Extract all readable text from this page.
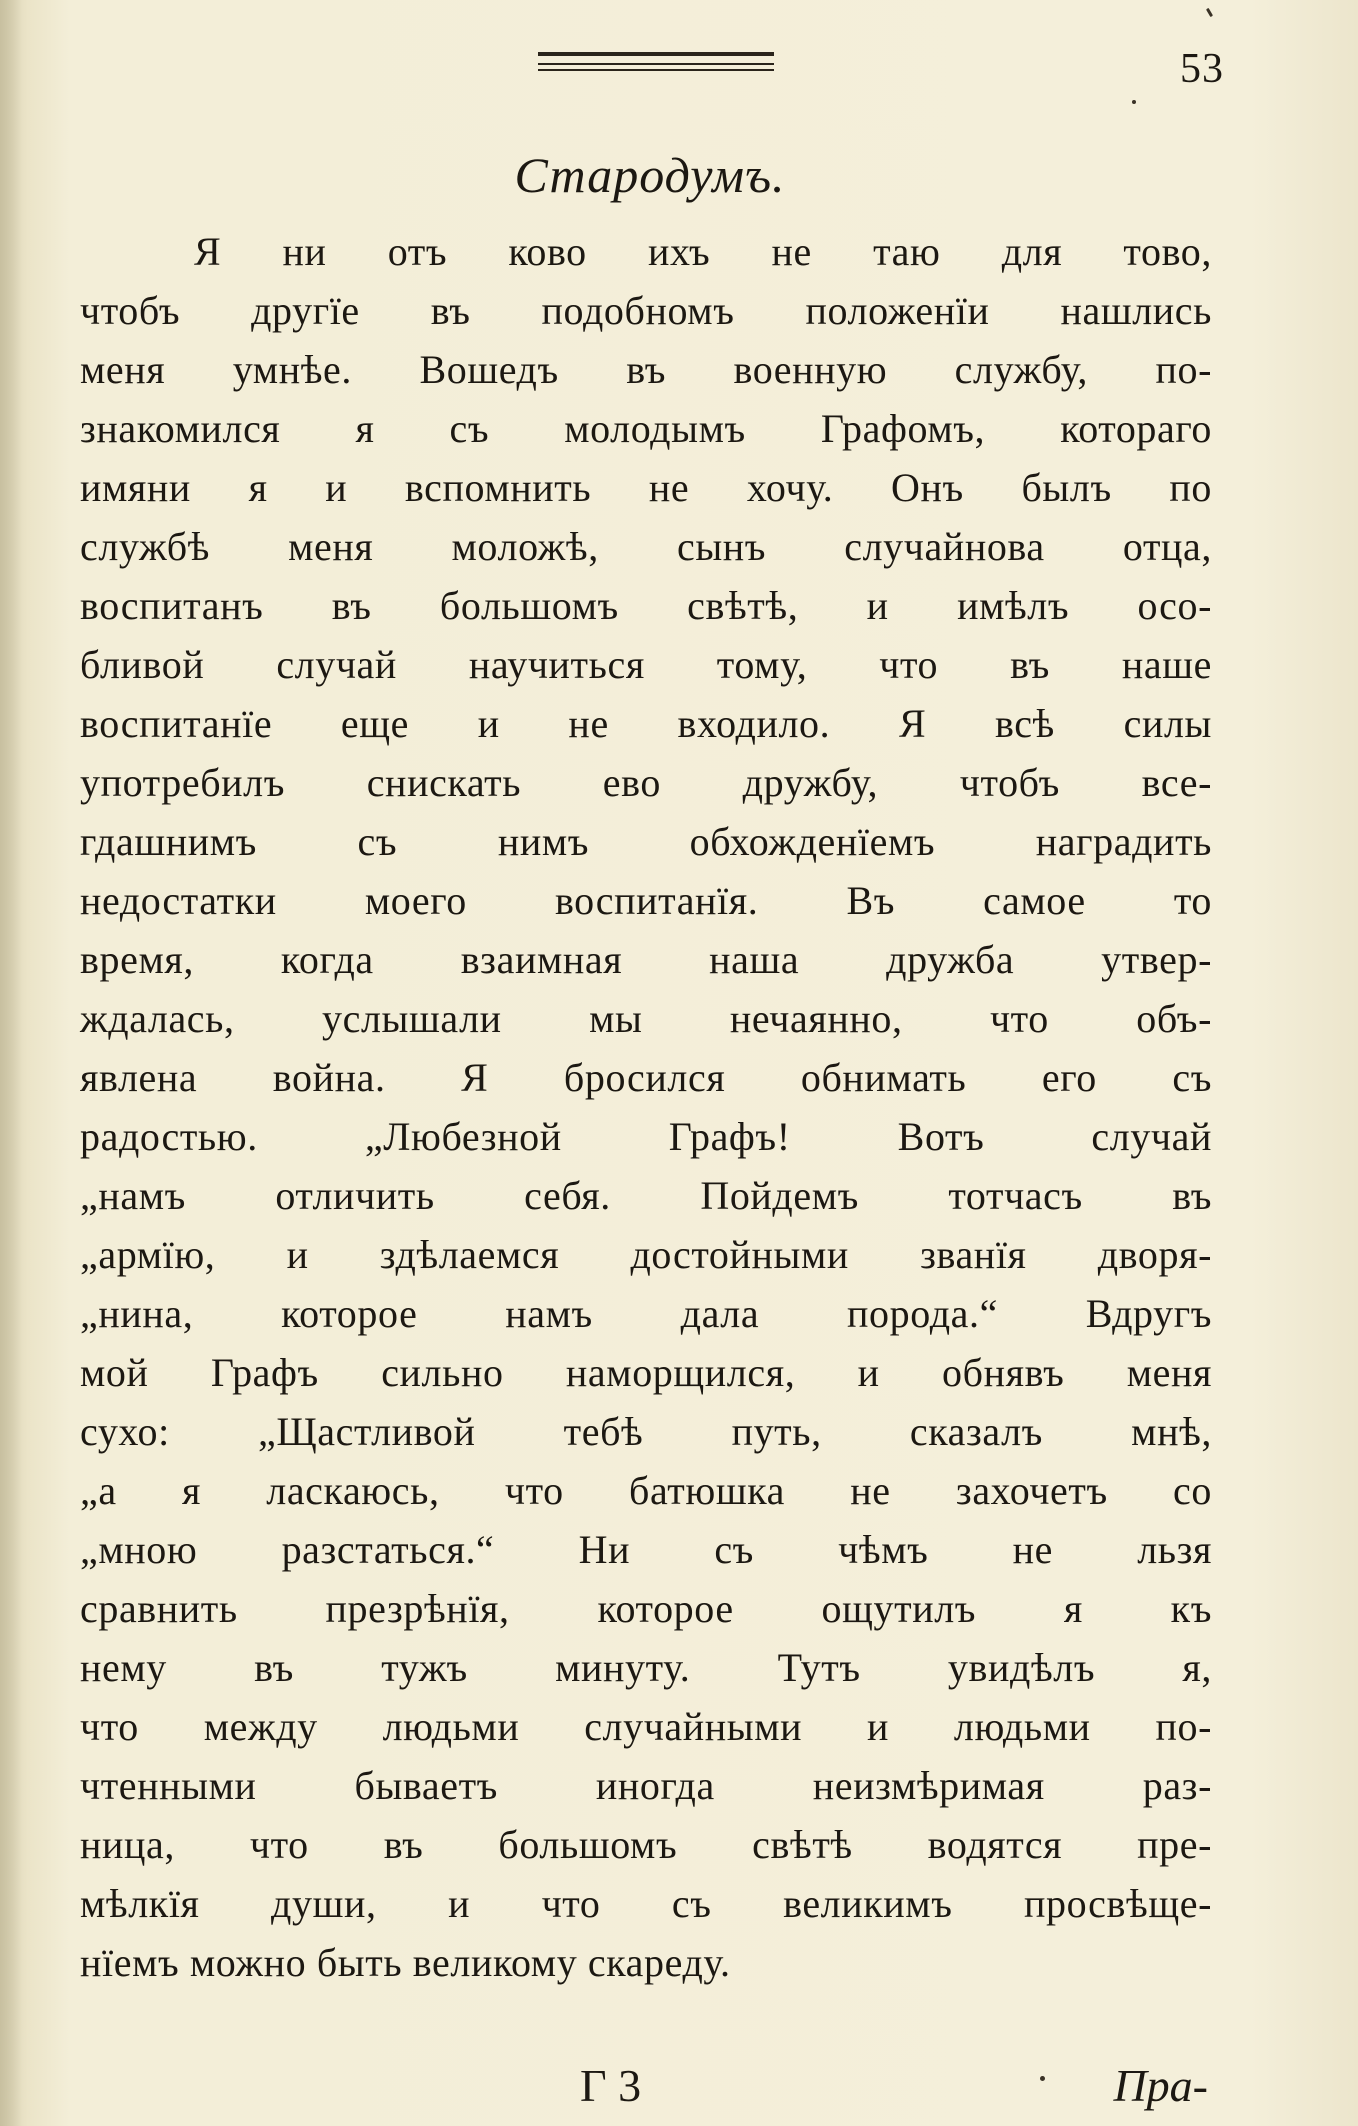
53
Стародумъ.
Я ни отъ ково ихъ не таю для тово,
чтобъ другїе въ подобномъ положенїи нашлись
меня умнѣе. Вошедъ въ военную службу, по-
знакомился я съ молодымъ Графомъ, котораго
имяни я и вспомнить не хочу. Онъ былъ по
службѣ меня моложѣ, сынъ случайнова отца,
воспитанъ въ большомъ свѣтѣ, и имѣлъ осо-
бливой случай научиться тому, что въ наше
воспитанїе еще и не входило. Я всѣ силы
употребилъ снискать ево дружбу, чтобъ все-
гдашнимъ съ нимъ обхожденїемъ наградить
недостатки моего воспитанїя. Въ самое то
время, когда взаимная наша дружба утвер-
ждалась, услышали мы нечаянно, что объ-
явлена война. Я бросился обнимать его съ
радостью. „Любезной Графъ! Вотъ случай
„намъ отличить себя. Пойдемъ тотчасъ въ
„армїю, и здѣлаемся достойными званїя дворя-
„нина, которое намъ дала порода.“ Вдругъ
мой Графъ сильно наморщился, и обнявъ меня
сухо: „Щастливой тебѣ путь, сказалъ мнѣ,
„а я ласкаюсь, что батюшка не захочетъ со
„мною разстаться.“ Ни съ чѣмъ не льзя
сравнить презрѣнїя, которое ощутилъ я къ
нему въ тужъ минуту. Тутъ увидѣлъ я,
что между людьми случайными и людьми по-
чтенными бываетъ иногда неизмѣримая раз-
ница, что въ большомъ свѣтѣ водятся пре-
мѣлкїя души, и что съ великимъ просвѣще-
нїемъ можно быть великому скареду.
Г 3	Пра-
